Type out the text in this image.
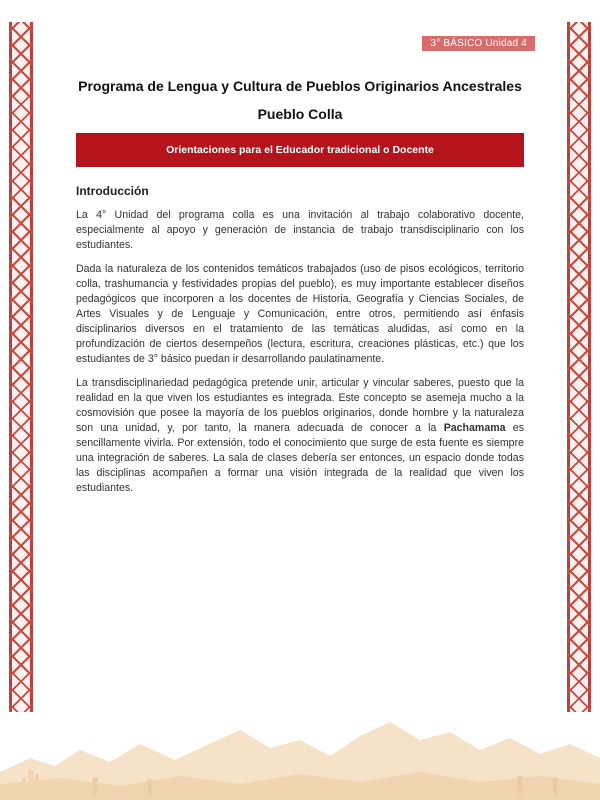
3° BÁSICO Unidad 4
Programa de Lengua y Cultura de Pueblos Originarios Ancestrales
Pueblo Colla
Orientaciones para el Educador tradicional o Docente
Introducción

La 4° Unidad del programa colla es una invitación al trabajo colaborativo docente, especialmente al apoyo y generación de instancia de trabajo transdisciplinario con los estudiantes.

Dada la naturaleza de los contenidos temáticos trabajados (uso de pisos ecológicos, territorio colla, trashumancia y festividades propias del pueblo), es muy importante establecer diseños pedagógicos que incorporen a los docentes de Historia, Geografía y Ciencias Sociales, de Artes Visuales y de Lenguaje y Comunicación, entre otros, permitiendo así énfasis disciplinarios diversos en el tratamiento de las temáticas aludidas, así como en la profundización de ciertos desempeños (lectura, escritura, creaciones plásticas, etc.) que los estudiantes de 3° básico puedan ir desarrollando paulatinamente.

La transdisciplinariedad pedagógica pretende unir, articular y vincular saberes, puesto que la realidad en la que viven los estudiantes es integrada. Este concepto se asemeja mucho a la cosmovisión que posee la mayoría de los pueblos originarios, donde hombre y la naturaleza son una unidad, y, por tanto, la manera adecuada de conocer a la Pachamama es sencillamente vivirla. Por extensión, todo el conocimiento que surge de esta fuente es siempre una integración de saberes. La sala de clases debería ser entonces, un espacio donde todas las disciplinas acompañen a formar una visión integrada de la realidad que viven los estudiantes.
